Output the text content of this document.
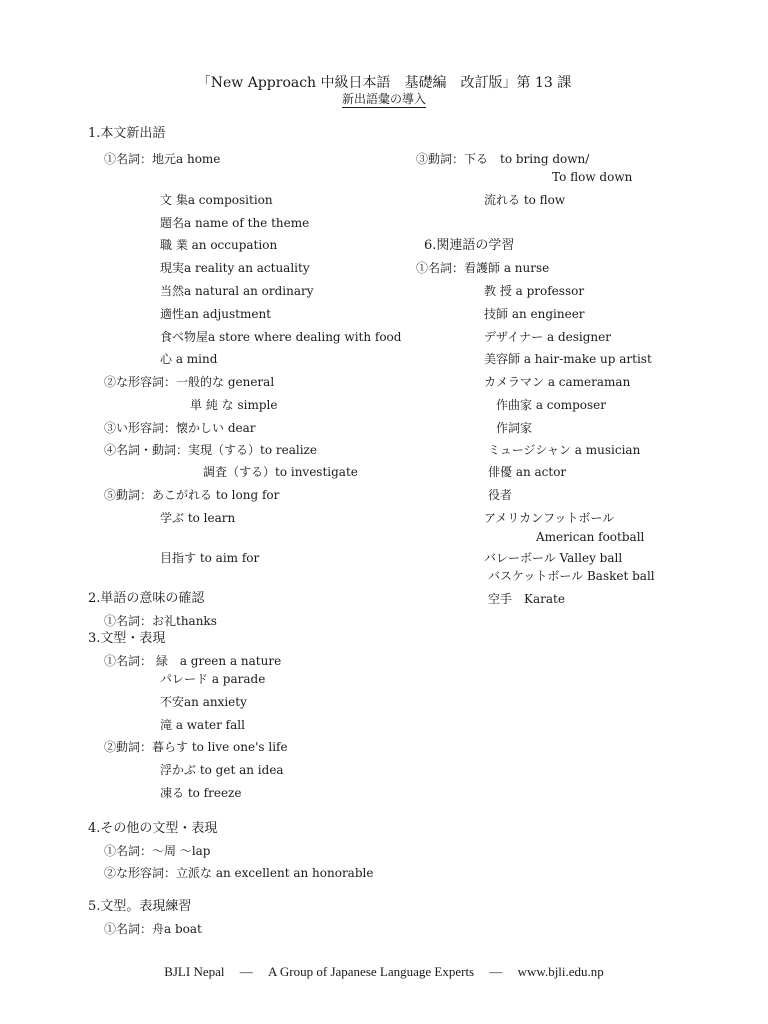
「New Approach 中級日本語　基礎編　改訂版」第 13 課
新出語彙の導入
1.本文新出語
①名詞：地元a home
文 集a composition
題名a name of the theme
職 業 an occupation
現実a reality an actuality
当然a natural an ordinary
適性an adjustment
食べ物屋a store where dealing with food
心 a mind
②な形容詞：一般的な general
単 純 な simple
③い形容詞：懐かしい dear
④名詞・動詞：実現（する）to realize
調査（する）to investigate
⑤動詞：あこがれる to long for
学ぶ to learn
目指す to aim for
2.単語の意味の確認
①名詞：お礼thanks
3.文型・表現
①名詞： 緑　a green a nature
パレード a parade
不安an anxiety
滝 a water fall
②動詞：暮らす to live one's life
浮かぶ to get an idea
凍る to freeze
4.その他の文型・表現
①名詞：～周 ～lap
②な形容詞：立派な an excellent an honorable
5.文型。表現練習
①名詞：舟a boat
③動詞：下る　to bring down/
To flow down
流れる to flow
6.関連語の学習
①名詞：看護師 a nurse
教 授 a professor
技師 an engineer
デザイナー a designer
美容師 a hair-make up artist
カメラマン a cameraman
作曲家 a composer
作詞家
ミュージシャン a musician
俳優 an actor
役者
アメリカンフットボール
American football
バレーボール Valley ball
バスケットボール Basket ball
空手　Karate
BJLI Nepal — A Group of Japanese Language Experts — www.bjli.edu.np
